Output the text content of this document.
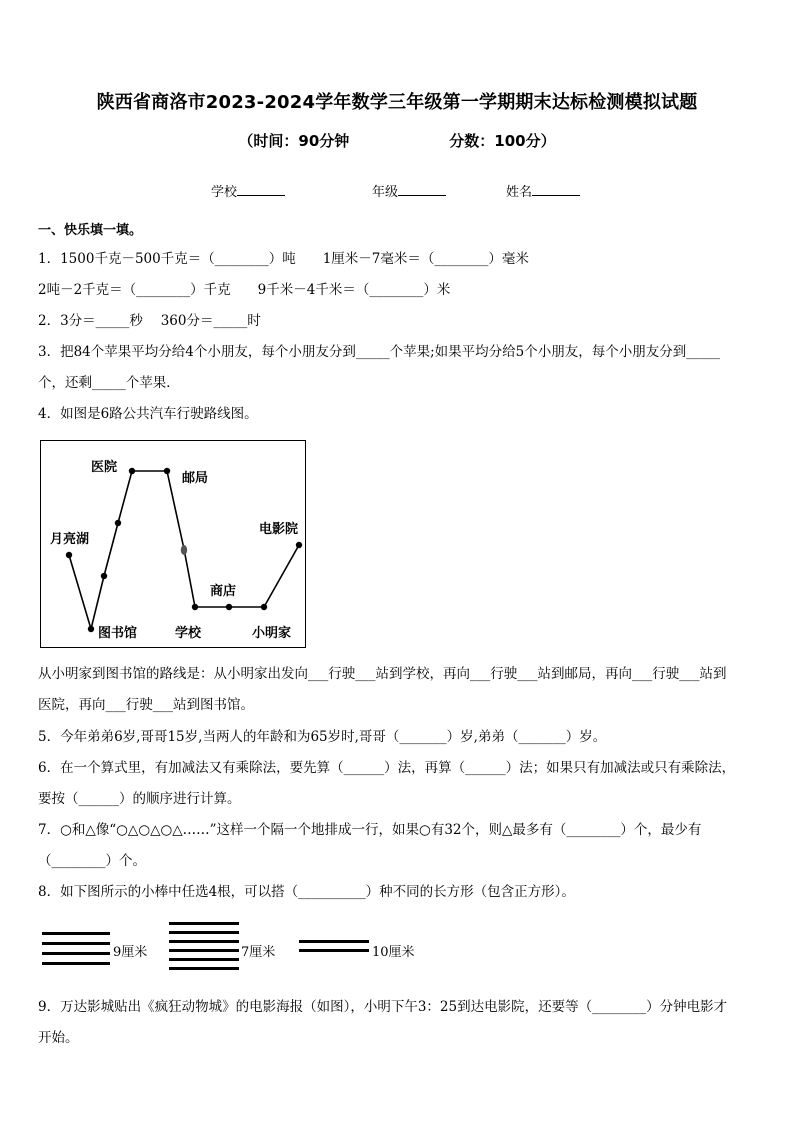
陕西省商洛市2023-2024学年数学三年级第一学期期末达标检测模拟试题
（时间：90分钟	分数：100分）
学校	年级	姓名
一、快乐填一填。
1．1500千克－500千克＝（________）吨　　1厘米－7毫米＝（________）毫米
2吨－2千克＝（________）千克　　9千米－4千米＝（________）米
2．3分＝_____秒　 360分＝_____时
3．把84个苹果平均分给4个小朋友，每个小朋友分到_____个苹果;如果平均分给5个小朋友，每个小朋友分到_____
个，还剩_____个苹果．
4．如图是6路公共汽车行驶路线图。
医院
邮局
月亮湖
电影院
商店
图书馆	学校	小明家
从小明家到图书馆的路线是：从小明家出发向___行驶___站到学校，再向___行驶___站到邮局，再向___行驶___站到
医院，再向___行驶___站到图书馆。
5．今年弟弟6岁,哥哥15岁,当两人的年龄和为65岁时,哥哥（_______）岁,弟弟（_______）岁。
6．在一个算式里，有加减法又有乘除法，要先算（______）法，再算（______）法；如果只有加减法或只有乘除法，
要按（______）的顺序进行计算。
7．○和△像“○△○△○△……”这样一个隔一个地排成一行，如果○有32个，则△最多有（________）个，最少有
（________）个。
8．如下图所示的小棒中任选4根，可以搭（__________）种不同的长方形（包含正方形）。
9厘米	7厘米	10厘米
9．万达影城贴出《疯狂动物城》的电影海报（如图），小明下午3：25到达电影院，还要等（________）分钟电影才
开始。
